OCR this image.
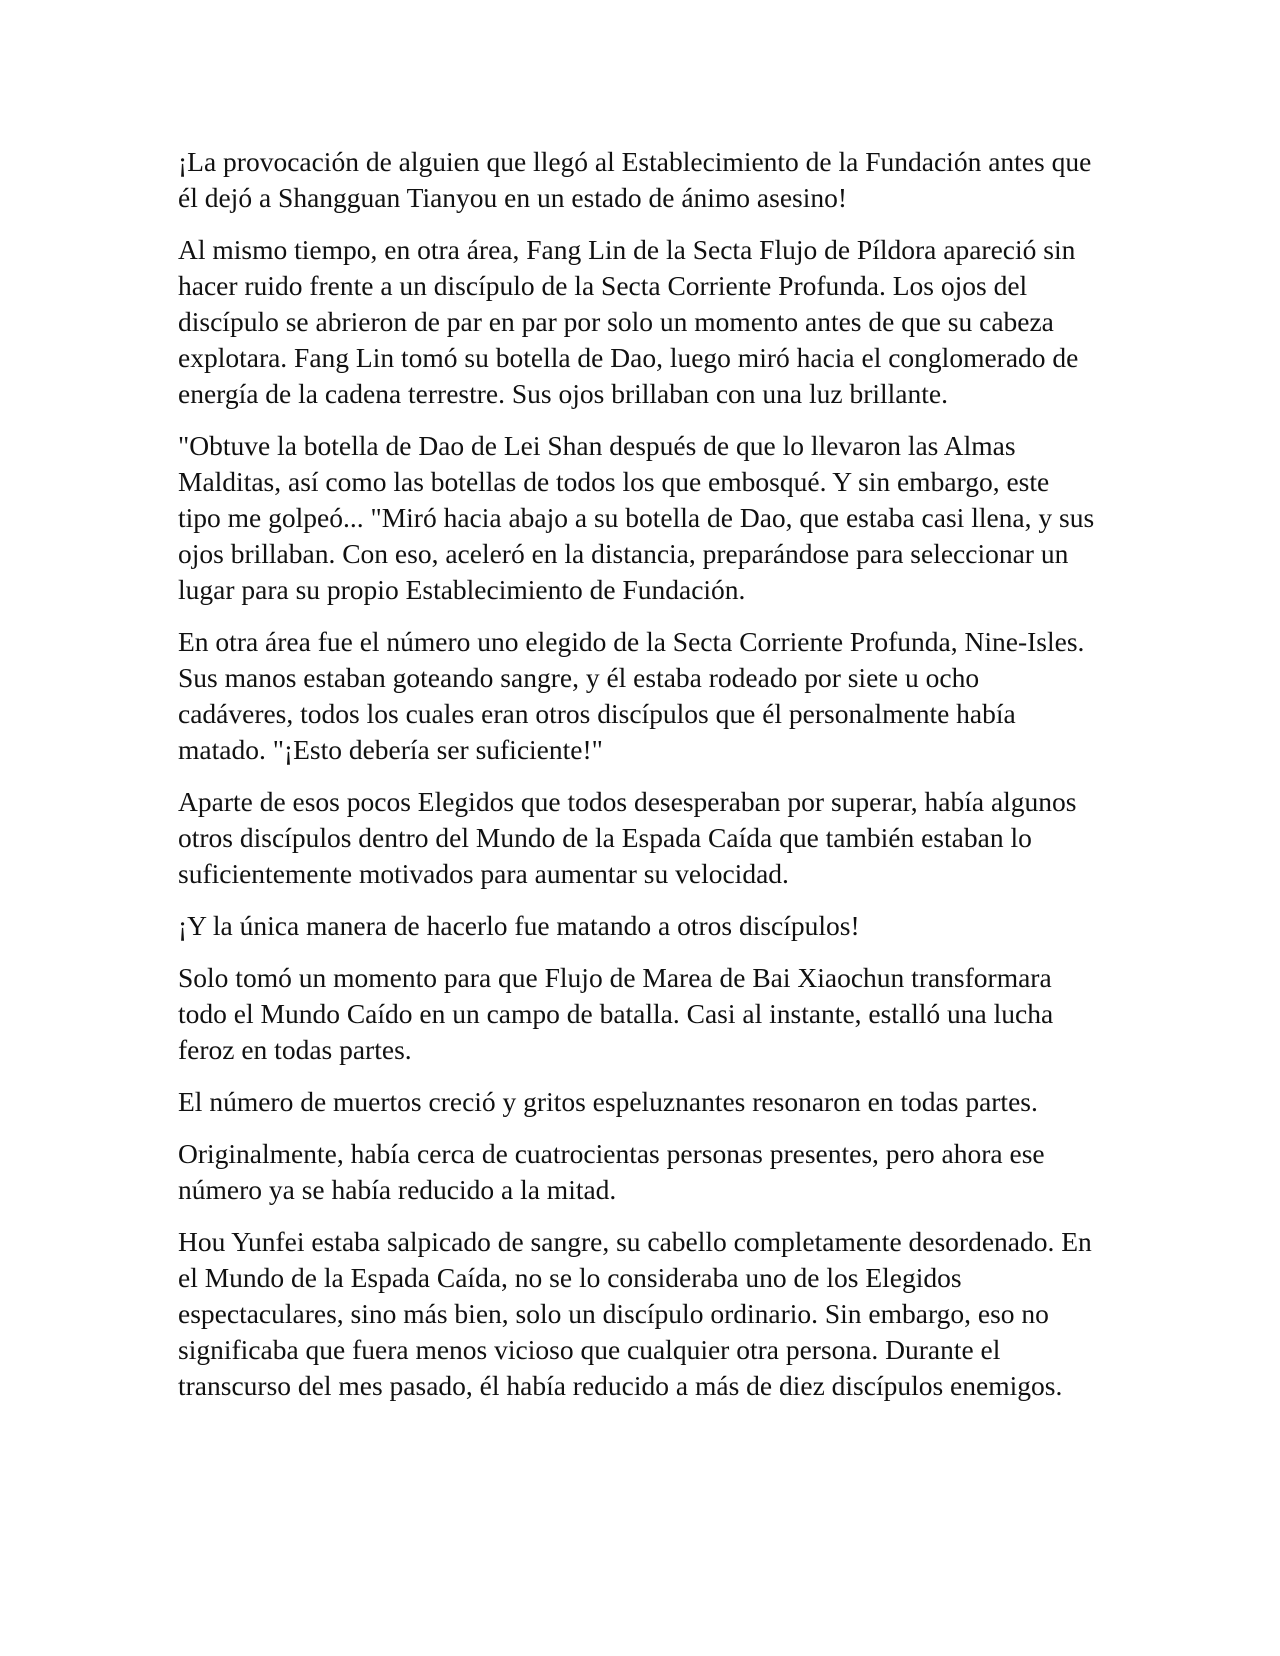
¡La provocación de alguien que llegó al Establecimiento de la Fundación antes que él dejó a Shangguan Tianyou en un estado de ánimo asesino!

Al mismo tiempo, en otra área, Fang Lin de la Secta Flujo de Píldora apareció sin hacer ruido frente a un discípulo de la Secta Corriente Profunda. Los ojos del discípulo se abrieron de par en par por solo un momento antes de que su cabeza explotara. Fang Lin tomó su botella de Dao, luego miró hacia el conglomerado de energía de la cadena terrestre. Sus ojos brillaban con una luz brillante.

"Obtuve la botella de Dao de Lei Shan después de que lo llevaron las Almas Malditas, así como las botellas de todos los que embosqué. Y sin embargo, este tipo me golpeó... "Miró hacia abajo a su botella de Dao, que estaba casi llena, y sus ojos brillaban. Con eso, aceleró en la distancia, preparándose para seleccionar un lugar para su propio Establecimiento de Fundación.

En otra área fue el número uno elegido de la Secta Corriente Profunda, Nine-Isles. Sus manos estaban goteando sangre, y él estaba rodeado por siete u ocho cadáveres, todos los cuales eran otros discípulos que él personalmente había matado. "¡Esto debería ser suficiente!"

Aparte de esos pocos Elegidos que todos desesperaban por superar, había algunos otros discípulos dentro del Mundo de la Espada Caída que también estaban lo suficientemente motivados para aumentar su velocidad.

¡Y la única manera de hacerlo fue matando a otros discípulos!

Solo tomó un momento para que Flujo de Marea de Bai Xiaochun transformara todo el Mundo Caído en un campo de batalla. Casi al instante, estalló una lucha feroz en todas partes.

El número de muertos creció y gritos espeluznantes resonaron en todas partes.

Originalmente, había cerca de cuatrocientas personas presentes, pero ahora ese número ya se había reducido a la mitad.

Hou Yunfei estaba salpicado de sangre, su cabello completamente desordenado. En el Mundo de la Espada Caída, no se lo consideraba uno de los Elegidos espectaculares, sino más bien, solo un discípulo ordinario. Sin embargo, eso no significaba que fuera menos vicioso que cualquier otra persona. Durante el transcurso del mes pasado, él había reducido a más de diez discípulos enemigos.
